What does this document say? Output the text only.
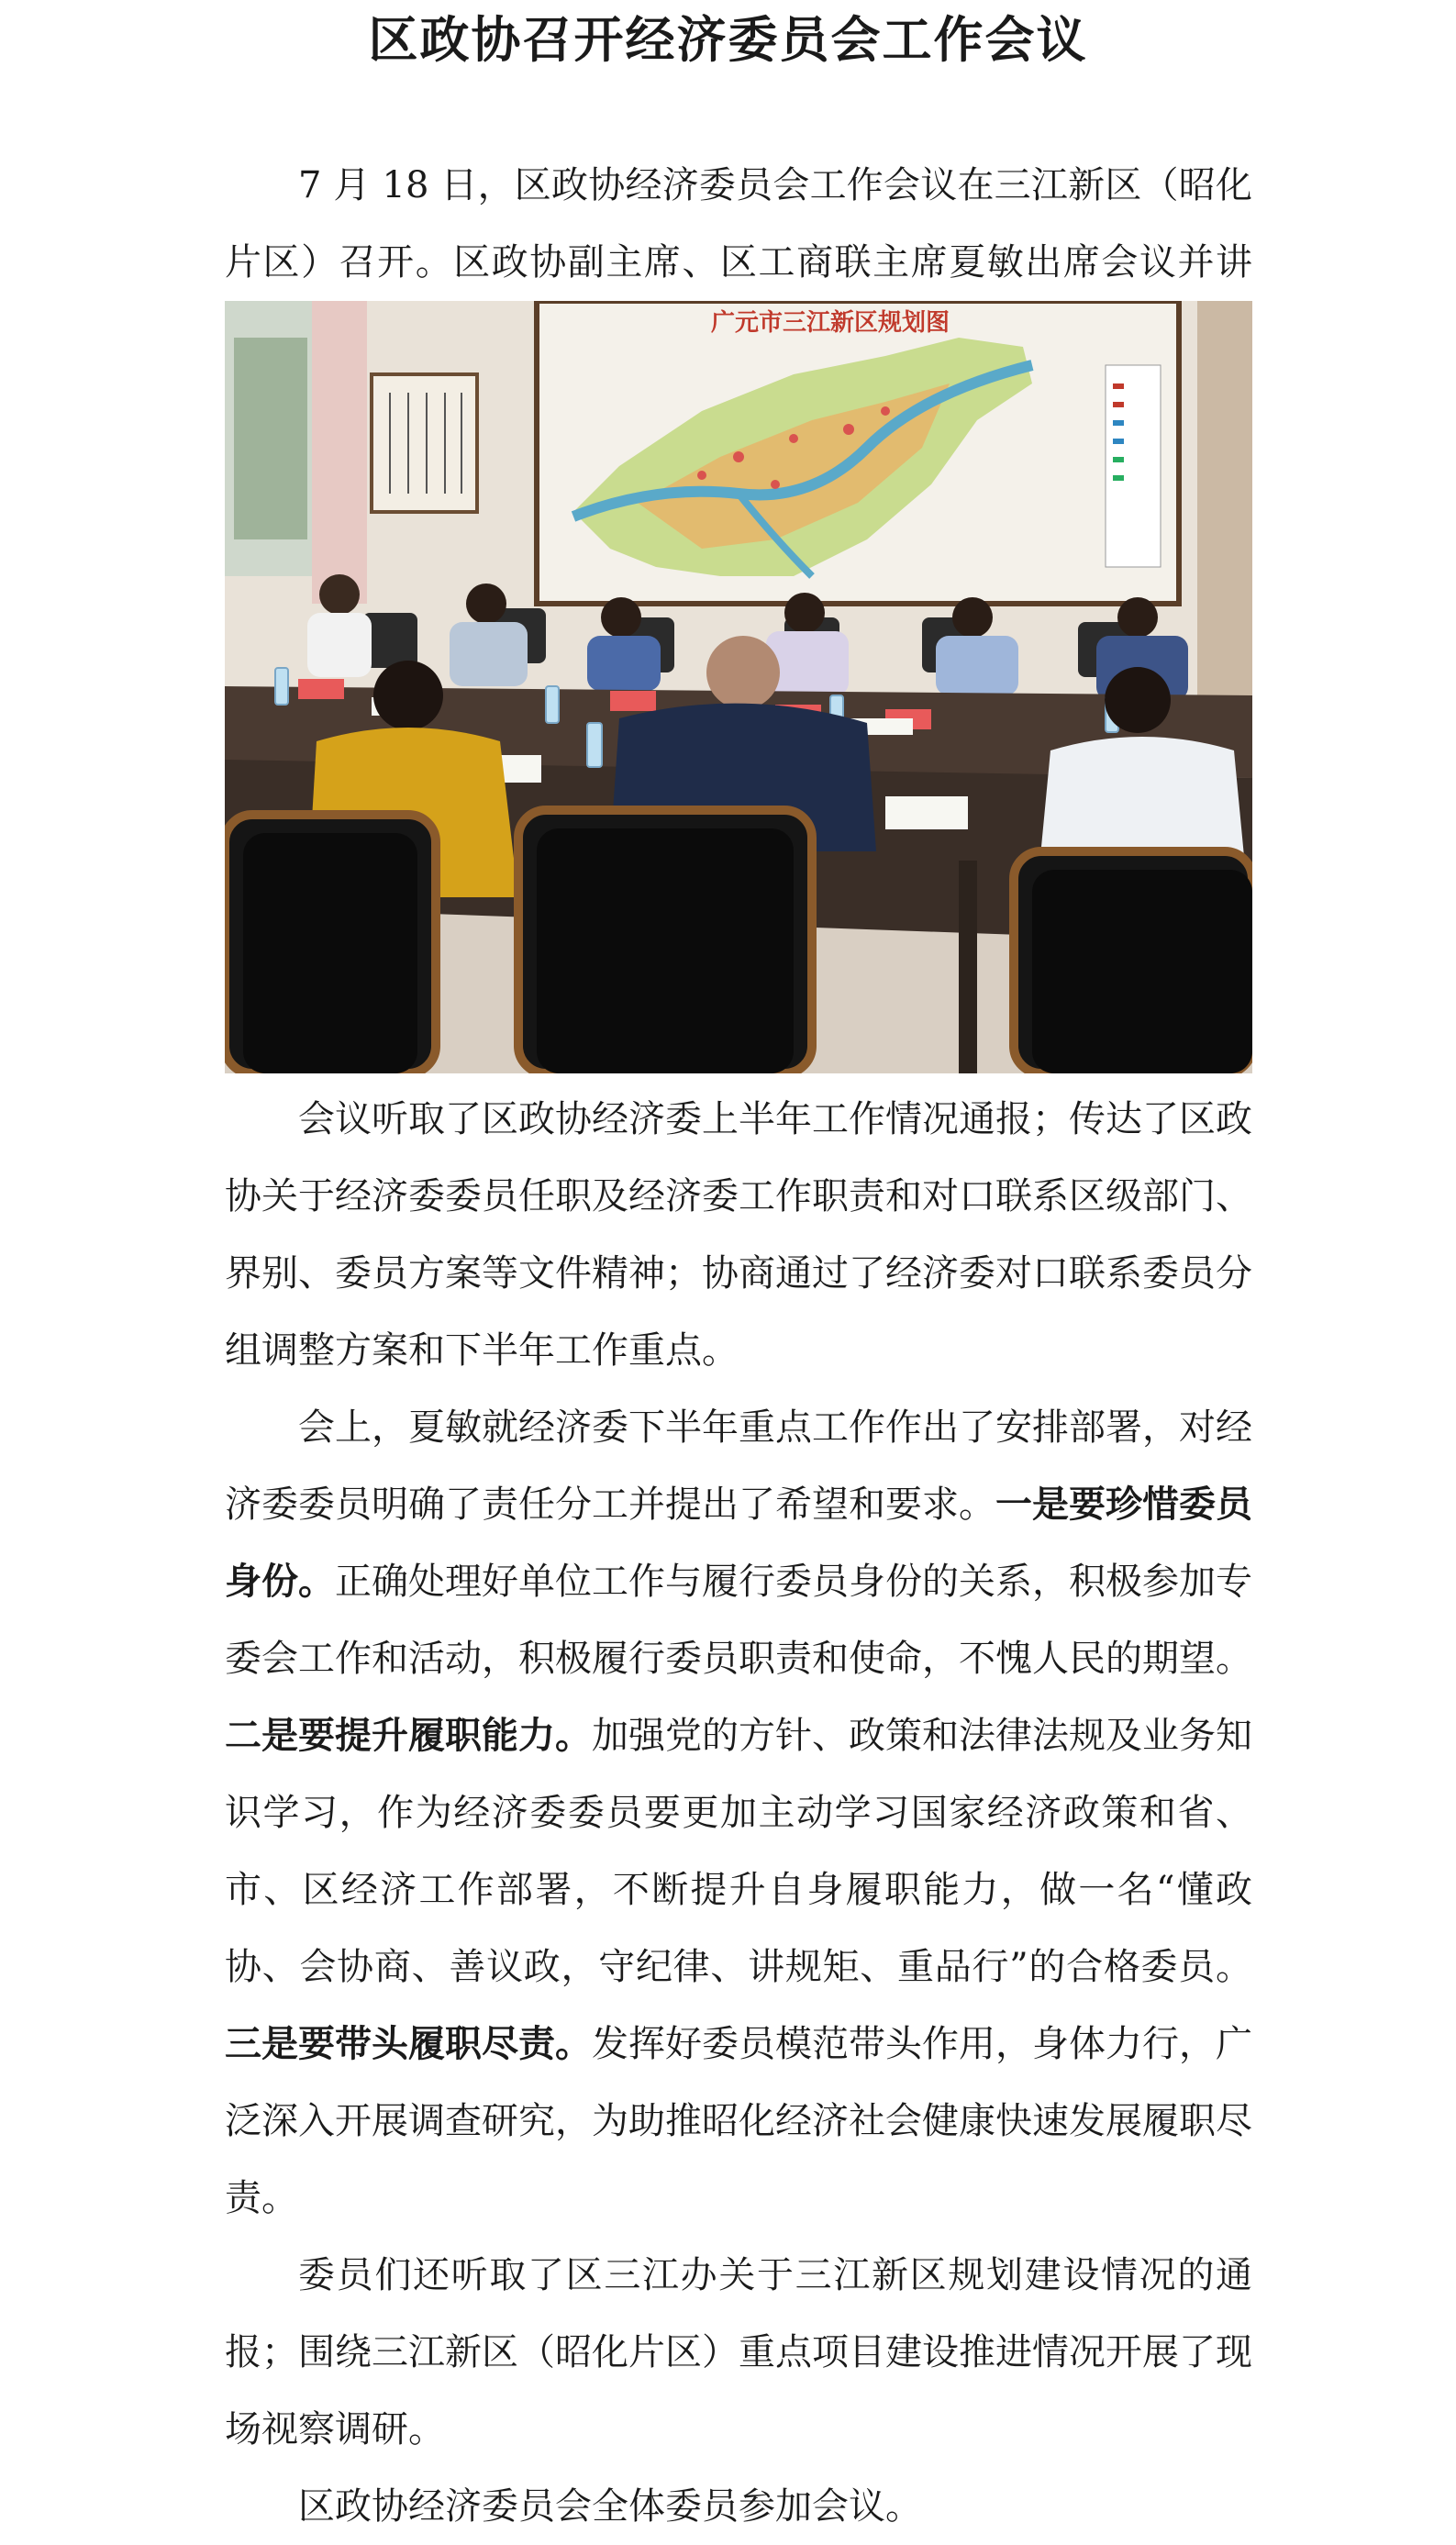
区政协召开经济委员会工作会议

7 月 18 日，区政协经济委员会工作会议在三江新区（昭化片区）召开。区政协副主席、区工商联主席夏敏出席会议并讲

广元市三江新区规划图

会议听取了区政协经济委上半年工作情况通报；传达了区政协关于经济委委员任职及经济委工作职责和对口联系区级部门、界别、委员方案等文件精神；协商通过了经济委对口联系委员分组调整方案和下半年工作重点。

会上，夏敏就经济委下半年重点工作作出了安排部署，对经济委委员明确了责任分工并提出了希望和要求。一是要珍惜委员身份。正确处理好单位工作与履行委员身份的关系，积极参加专委会工作和活动，积极履行委员职责和使命，不愧人民的期望。二是要提升履职能力。加强党的方针、政策和法律法规及业务知识学习，作为经济委委员要更加主动学习国家经济政策和省、市、区经济工作部署，不断提升自身履职能力，做一名“懂政协、会协商、善议政，守纪律、讲规矩、重品行”的合格委员。三是要带头履职尽责。发挥好委员模范带头作用，身体力行，广泛深入开展调查研究，为助推昭化经济社会健康快速发展履职尽责。

委员们还听取了区三江办关于三江新区规划建设情况的通报；围绕三江新区（昭化片区）重点项目建设推进情况开展了现场视察调研。

区政协经济委员会全体委员参加会议。
